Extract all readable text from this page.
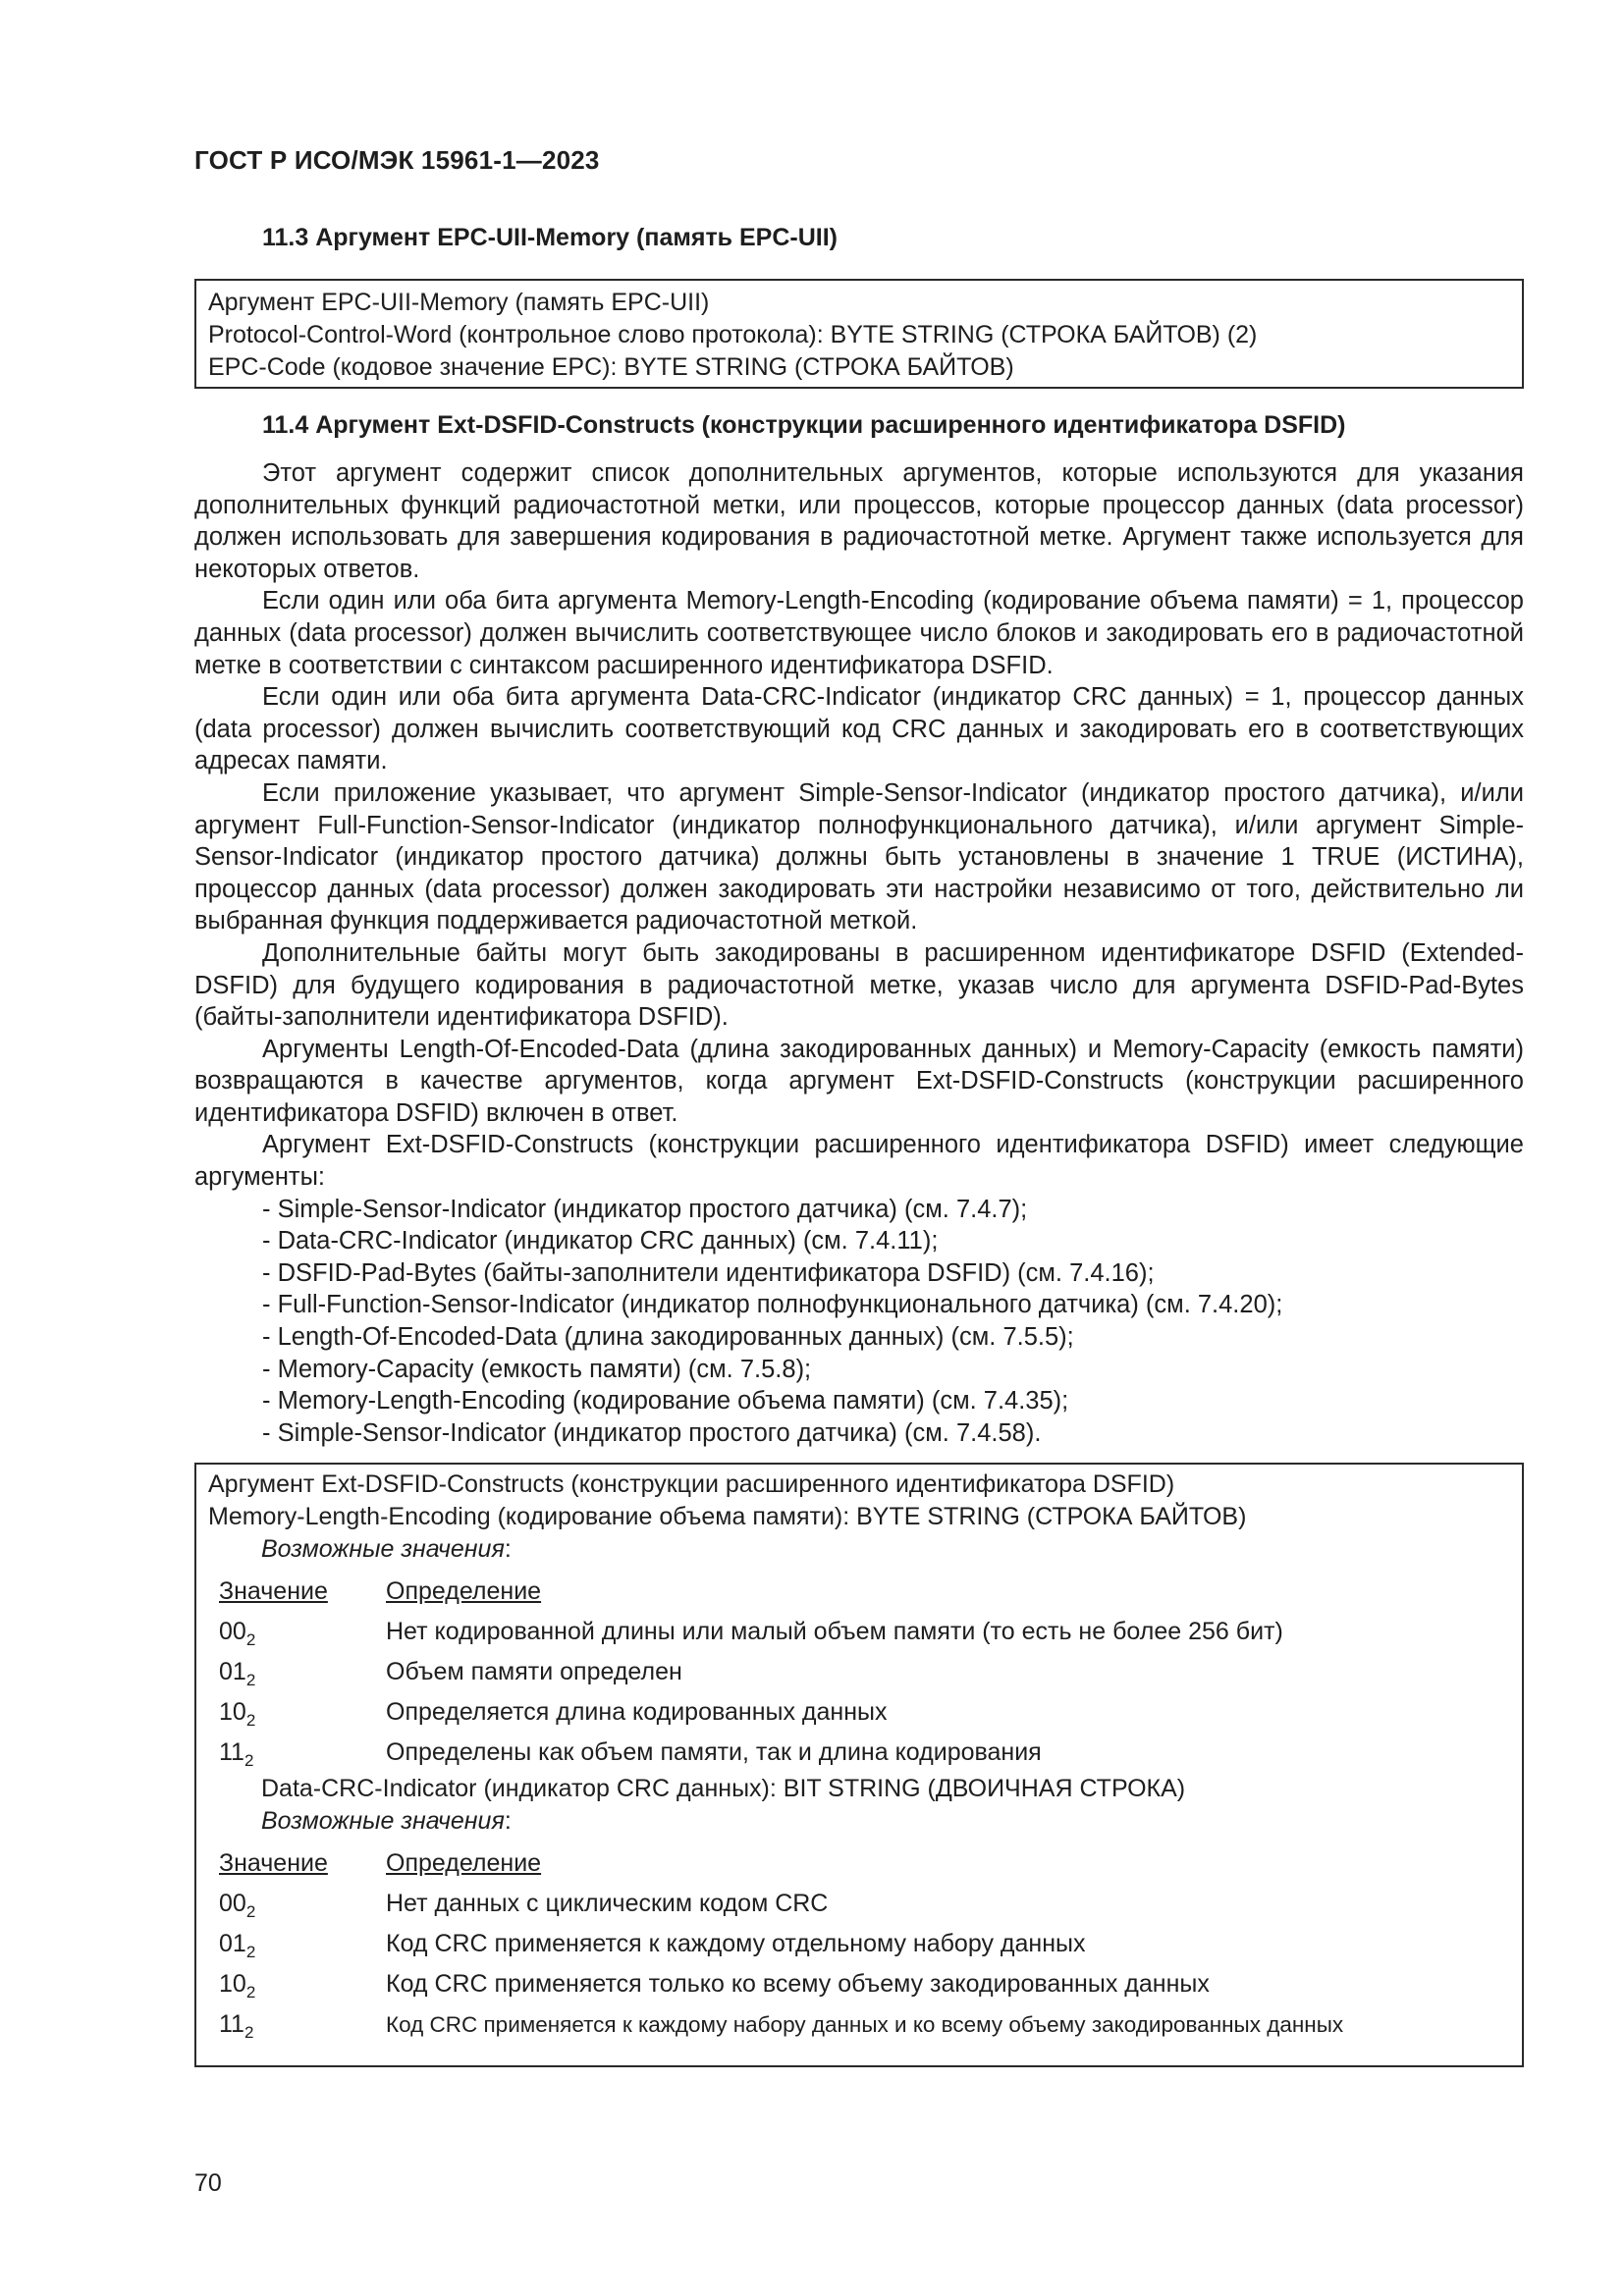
ГОСТ Р ИСО/МЭК 15961-1—2023
11.3 Аргумент EPC-UII-Memory (память EPC-UII)
Аргумент EPC-UII-Memory (память EPC-UII)
Protocol-Control-Word (контрольное слово протокола): BYTE STRING (СТРОКА БАЙТОВ) (2)
EPC-Code (кодовое значение EPC): BYTE STRING (СТРОКА БАЙТОВ)
11.4 Аргумент Ext-DSFID-Constructs (конструкции расширенного идентификатора DSFID)

Этот аргумент содержит список дополнительных аргументов, которые используются для указания дополнительных функций радиочастотной метки, или процессов, которые процессор данных (data processor) должен использовать для завершения кодирования в радиочастотной метке. Аргумент также используется для некоторых ответов.

Если один или оба бита аргумента Memory-Length-Encoding (кодирование объема памяти) = 1, процессор данных (data processor) должен вычислить соответствующее число блоков и закодировать его в радиочастотной метке в соответствии с синтаксом расширенного идентификатора DSFID.

Если один или оба бита аргумента Data-CRC-Indicator (индикатор CRC данных) = 1, процессор данных (data processor) должен вычислить соответствующий код CRC данных и закодировать его в соответствующих адресах памяти.

Если приложение указывает, что аргумент Simple-Sensor-Indicator (индикатор простого датчика), и/или аргумент Full-Function-Sensor-Indicator (индикатор полнофункционального датчика), и/или аргумент Simple-Sensor-Indicator (индикатор простого датчика) должны быть установлены в значение 1 TRUE (ИСТИНА), процессор данных (data processor) должен закодировать эти настройки независимо от того, действительно ли выбранная функция поддерживается радиочастотной меткой.

Дополнительные байты могут быть закодированы в расширенном идентификаторе DSFID (Extended-DSFID) для будущего кодирования в радиочастотной метке, указав число для аргумента DSFID-Pad-Bytes (байты-заполнители идентификатора DSFID).

Аргументы Length-Of-Encoded-Data (длина закодированных данных) и Memory-Capacity (емкость памяти) возвращаются в качестве аргументов, когда аргумент Ext-DSFID-Constructs (конструкции расширенного идентификатора DSFID) включен в ответ.

Аргумент Ext-DSFID-Constructs (конструкции расширенного идентификатора DSFID) имеет следующие аргументы:

- Simple-Sensor-Indicator (индикатор простого датчика) (см. 7.4.7);
- Data-CRC-Indicator (индикатор CRC данных) (см. 7.4.11);
- DSFID-Pad-Bytes (байты-заполнители идентификатора DSFID) (см. 7.4.16);
- Full-Function-Sensor-Indicator (индикатор полнофункционального датчика) (см. 7.4.20);
- Length-Of-Encoded-Data (длина закодированных данных) (см. 7.5.5);
- Memory-Capacity (емкость памяти) (см. 7.5.8);
- Memory-Length-Encoding (кодирование объема памяти) (см. 7.4.35);
- Simple-Sensor-Indicator (индикатор простого датчика) (см. 7.4.58).
Аргумент Ext-DSFID-Constructs (конструкции расширенного идентификатора DSFID)
Memory-Length-Encoding (кодирование объема памяти): BYTE STRING (СТРОКА БАЙТОВ)
Возможные значения:
Значение	Определение
$00_2$	Нет кодированной длины или малый объем памяти (то есть не более 256 бит)
$01_2$	Объем памяти определен
$10_2$	Определяется длина кодированных данных
$11_2$	Определены как объем памяти, так и длина кодирования
Data-CRC-Indicator (индикатор CRC данных): BIT STRING (ДВОИЧНАЯ СТРОКА)
Возможные значения:
Значение	Определение
$00_2$	Нет данных с циклическим кодом CRC
$01_2$	Код CRC применяется к каждому отдельному набору данных
$10_2$	Код CRC применяется только ко всему объему закодированных данных
$11_2$	Код CRC применяется к каждому набору данных и ко всему объему закодированных данных
70
